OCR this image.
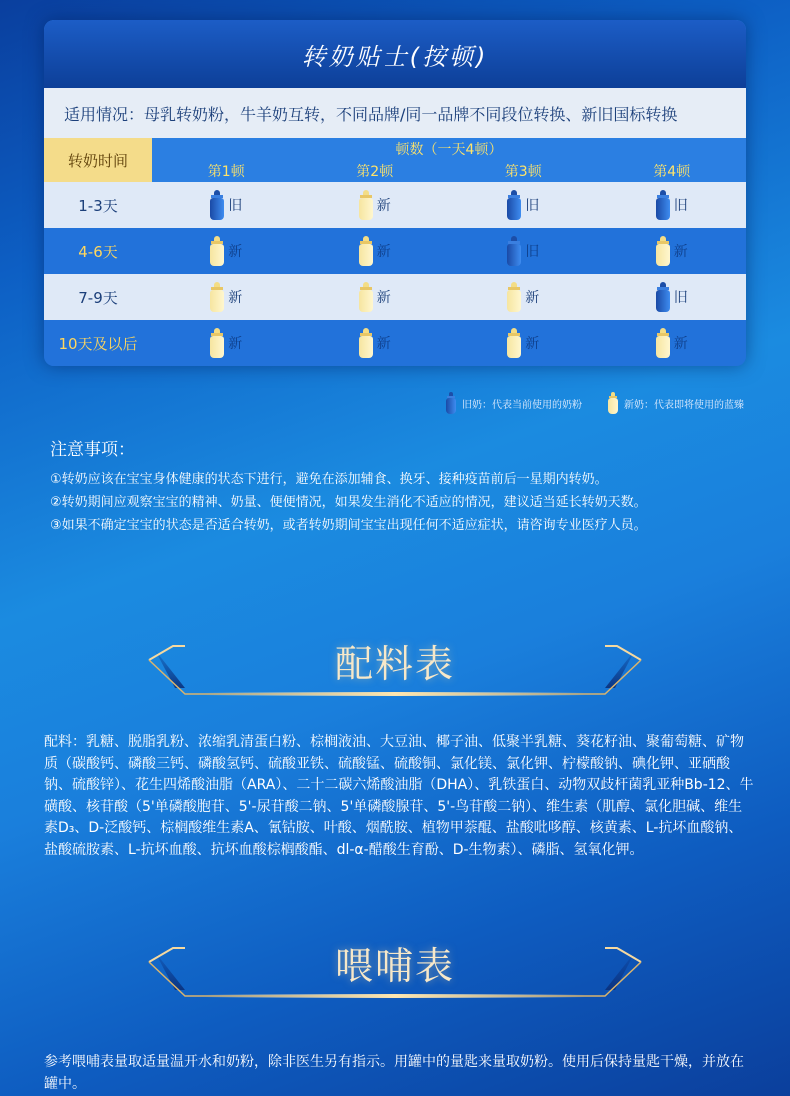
转奶贴士(按顿)
适用情况：母乳转奶粉，牛羊奶互转，不同品牌/同一品牌不同段位转换、新旧国标转换
转奶时间
顿数（一天4顿）
第1顿	第2顿	第3顿	第4顿
1-3天	旧	新	旧	旧
4-6天	新	新	旧	新
7-9天	新	新	新	旧
10天及以后	新	新	新	新
旧奶：代表当前使用的奶粉	新奶：代表即将使用的蓝臻
注意事项：
①转奶应该在宝宝身体健康的状态下进行，避免在添加辅食、换牙、接种疫苗前后一星期内转奶。
②转奶期间应观察宝宝的精神、奶量、便便情况，如果发生消化不适应的情况，建议适当延长转奶天数。
③如果不确定宝宝的状态是否适合转奶，或者转奶期间宝宝出现任何不适应症状，请咨询专业医疗人员。
配料表
配料：乳糖、脱脂乳粉、浓缩乳清蛋白粉、棕榈液油、大豆油、椰子油、低聚半乳糖、葵花籽油、聚葡萄糖、矿物质（碳酸钙、磷酸三钙、磷酸氢钙、硫酸亚铁、硫酸锰、硫酸铜、氯化镁、氯化钾、柠檬酸钠、碘化钾、亚硒酸钠、硫酸锌）、花生四烯酸油脂（ARA）、二十二碳六烯酸油脂（DHA）、乳铁蛋白、动物双歧杆菌乳亚种Bb-12、牛磺酸、核苷酸（5'单磷酸胞苷、5'-尿苷酸二钠、5'单磷酸腺苷、5'-鸟苷酸二钠）、维生素（肌醇、氯化胆碱、维生素D₃、D-泛酸钙、棕榈酸维生素A、氰钴胺、叶酸、烟酰胺、植物甲萘醌、盐酸吡哆醇、核黄素、L-抗坏血酸钠、盐酸硫胺素、L-抗坏血酸、抗坏血酸棕榈酸酯、dl-α-醋酸生育酚、D-生物素）、磷脂、氢氧化钾。
喂哺表
参考喂哺表量取适量温开水和奶粉，除非医生另有指示。用罐中的量匙来量取奶粉。使用后保持量匙干燥，并放在罐中。
